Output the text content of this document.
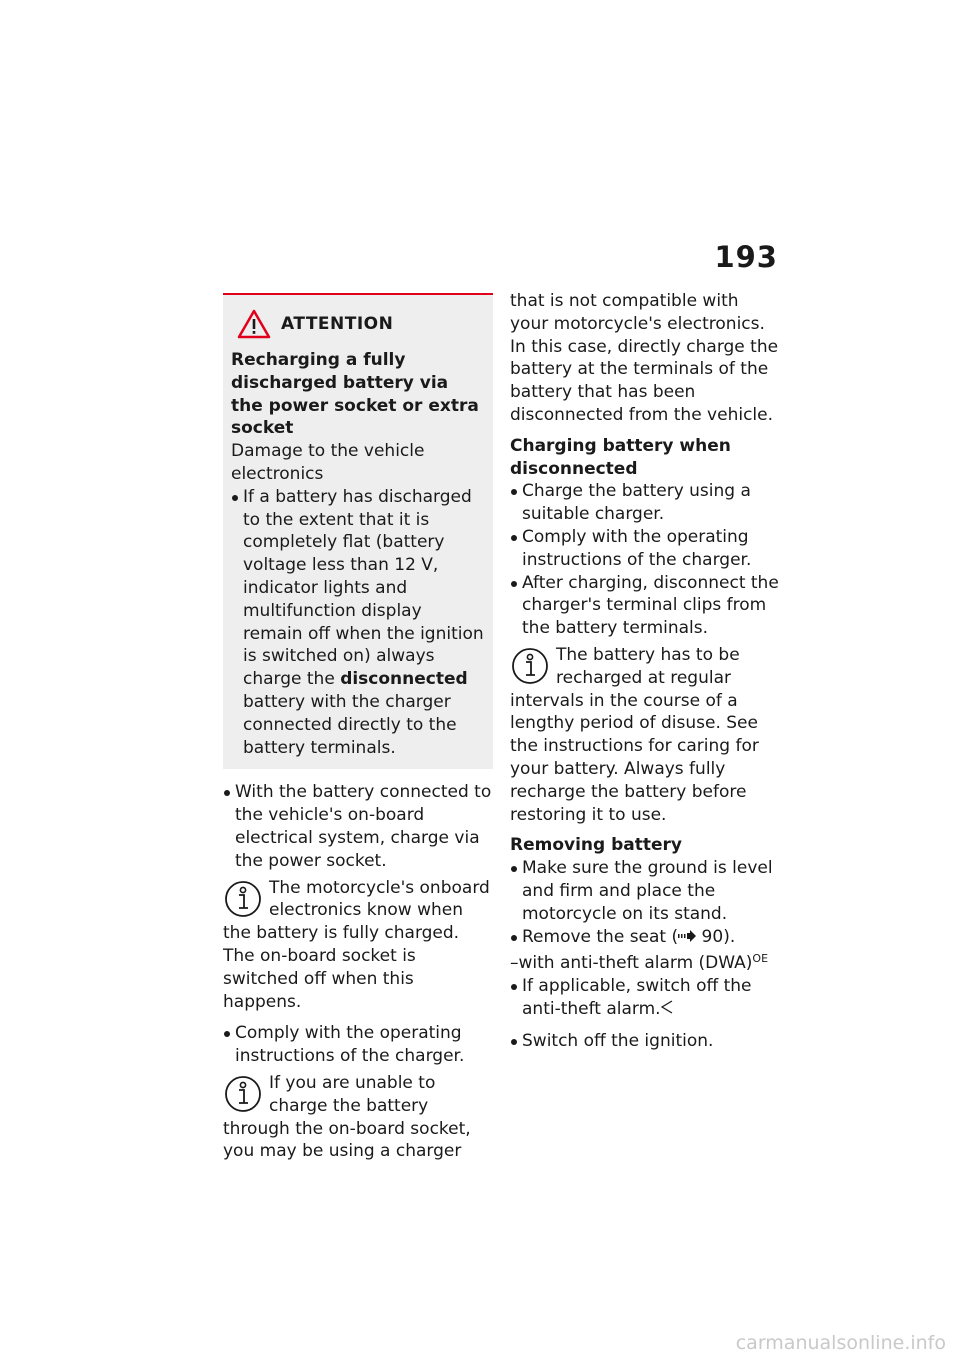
193
ATTENTION

Recharging a fully discharged battery via the power socket or extra socket

Damage to the vehicle electronics

If a battery has discharged to the extent that it is completely flat (battery voltage less than 12 V, indicator lights and multifunction display remain off when the ignition is switched on) always charge the disconnected battery with the charger connected directly to the battery terminals.
With the battery connected to the vehicle's on-board electrical system, charge via the power socket.
The motorcycle's onboard electronics know when the battery is fully charged. The on-board socket is switched off when this happens.
Comply with the operating instructions of the charger.
If you are unable to charge the battery through the on-board socket, you may be using a charger

that is not compatible with your motorcycle's electronics. In this case, directly charge the battery at the terminals of the battery that has been disconnected from the vehicle.

Charging battery when disconnected

Charge the battery using a suitable charger.
Comply with the operating instructions of the charger.
After charging, disconnect the charger's terminal clips from the battery terminals.
The battery has to be recharged at regular intervals in the course of a lengthy period of disuse. See the instructions for caring for your battery. Always fully recharge the battery before restoring it to use.

Removing battery

Make sure the ground is level and firm and place the motorcycle on its stand.
Remove the seat ( 90).

–with anti-theft alarm (DWA)$^{OE}$

If applicable, switch off the anti-theft alarm.
Switch off the ignition.
carmanualsonline.info
